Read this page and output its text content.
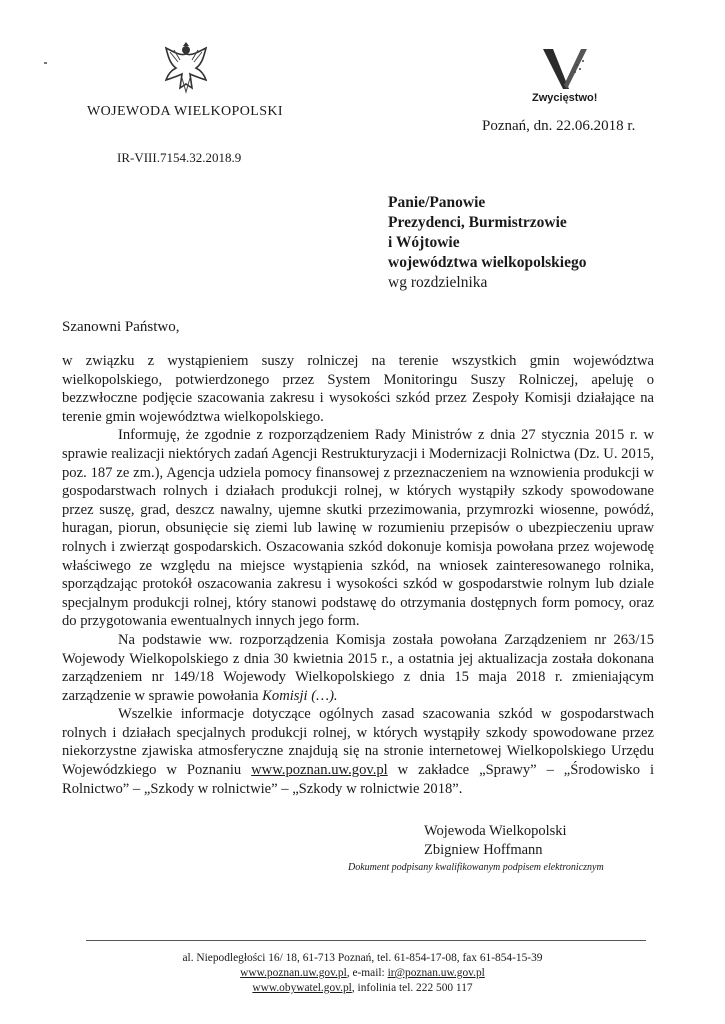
WOJEWODA WIELKOPOLSKI
IR-VIII.7154.32.2018.9
Zwycięstwo!
Poznań, dn. 22.06.2018 r.
Panie/Panowie
Prezydenci, Burmistrzowie
i Wójtowie
województwa wielkopolskiego
wg rozdzielnika
Szanowni Państwo,

w związku z wystąpieniem suszy rolniczej na terenie wszystkich gmin województwa wielkopolskiego, potwierdzonego przez System Monitoringu Suszy Rolniczej, apeluję o bezzwłoczne podjęcie szacowania zakresu i wysokości szkód przez Zespoły Komisji działające na terenie gmin województwa wielkopolskiego.

Informuję, że zgodnie z rozporządzeniem Rady Ministrów z dnia 27 stycznia 2015 r. w sprawie realizacji niektórych zadań Agencji Restrukturyzacji i Modernizacji Rolnictwa (Dz. U. 2015, poz. 187 ze zm.), Agencja udziela pomocy finansowej z przeznaczeniem na wznowienia produkcji w gospodarstwach rolnych i działach produkcji rolnej, w których wystąpiły szkody spowodowane przez suszę, grad, deszcz nawalny, ujemne skutki przezimowania, przymrozki wiosenne, powódź, huragan, piorun, obsunięcie się ziemi lub lawinę w rozumieniu przepisów o ubezpieczeniu upraw rolnych i zwierząt gospodarskich. Oszacowania szkód dokonuje komisja powołana przez wojewodę właściwego ze względu na miejsce wystąpienia szkód, na wniosek zainteresowanego rolnika, sporządzając protokół oszacowania zakresu i wysokości szkód w gospodarstwie rolnym lub dziale specjalnym produkcji rolnej, który stanowi podstawę do otrzymania dostępnych form pomocy, oraz do przygotowania ewentualnych innych jego form.

Na podstawie ww. rozporządzenia Komisja została powołana Zarządzeniem nr 263/15 Wojewody Wielkopolskiego z dnia 30 kwietnia 2015 r., a ostatnia jej aktualizacja została dokonana zarządzeniem nr 149/18 Wojewody Wielkopolskiego z dnia 15 maja 2018 r. zmieniającym zarządzenie w sprawie powołania Komisji (…).

Wszelkie informacje dotyczące ogólnych zasad szacowania szkód w gospodarstwach rolnych i działach specjalnych produkcji rolnej, w których wystąpiły szkody spowodowane przez niekorzystne zjawiska atmosferyczne znajdują się na stronie internetowej Wielkopolskiego Urzędu Wojewódzkiego w Poznaniu www.poznan.uw.gov.pl w zakładce „Sprawy” – „Środowisko i Rolnictwo” – „Szkody w rolnictwie” – „Szkody w rolnictwie 2018”.

Wojewoda Wielkopolski
Zbigniew Hoffmann
Dokument podpisany kwalifikowanym podpisem elektronicznym
al. Niepodległości 16/ 18, 61-713 Poznań, tel. 61-854-17-08, fax 61-854-15-39
www.poznan.uw.gov.pl, e-mail: ir@poznan.uw.gov.pl
www.obywatel.gov.pl, infolinia tel. 222 500 117
